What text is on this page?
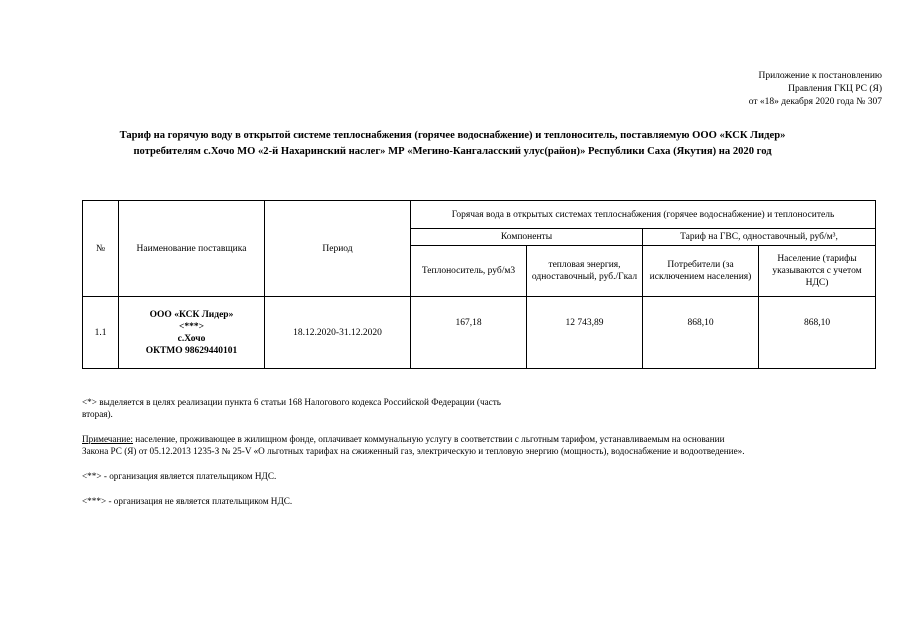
Приложение к постановлению
Правления ГКЦ РС (Я)
от «18» декабря 2020 года № 307
Тариф на горячую воду в открытой системе теплоснабжения (горячее водоснабжение) и теплоноситель, поставляемую ООО «КСК Лидер»
потребителям с.Хочо МО «2-й Нахаринский наслег» МР «Мегино-Кангаласский улус(район)» Республики Саха (Якутия) на 2020 год
№	Наименование поставщика	Период	Горячая вода в открытых системах теплоснабжения (горячее водоснабжение) и теплоноситель			
			Компоненты		Тариф на ГВС, одноставочный, руб/м³,	
			Теплоноситель, руб/м3	тепловая энергия, одноставочный, руб./Гкал	Потребители (за исключением населения)	Население (тарифы указываются с учетом НДС)
1.1	ООО «КСК Лидер»
<***>
с.Хочо
ОКТМО 98629440101	18.12.2020-31.12.2020	167,18	12 743,89	868,10	868,10

<*> выделяется в целях реализации пункта 6 статьи 168 Налогового кодекса Российской Федерации (часть
вторая).

Примечание: население, проживающее в жилищном фонде, оплачивает коммунальную услугу в соответствии с льготным тарифом, устанавливаемым на основании
Закона РС (Я) от 05.12.2013 1235-З № 25-V «О льготных тарифах на сжиженный газ, электрическую и тепловую энергию (мощность), водоснабжение и водоотведение».

<**> - организация является плательщиком НДС.

<***> - организация не является плательщиком НДС.
